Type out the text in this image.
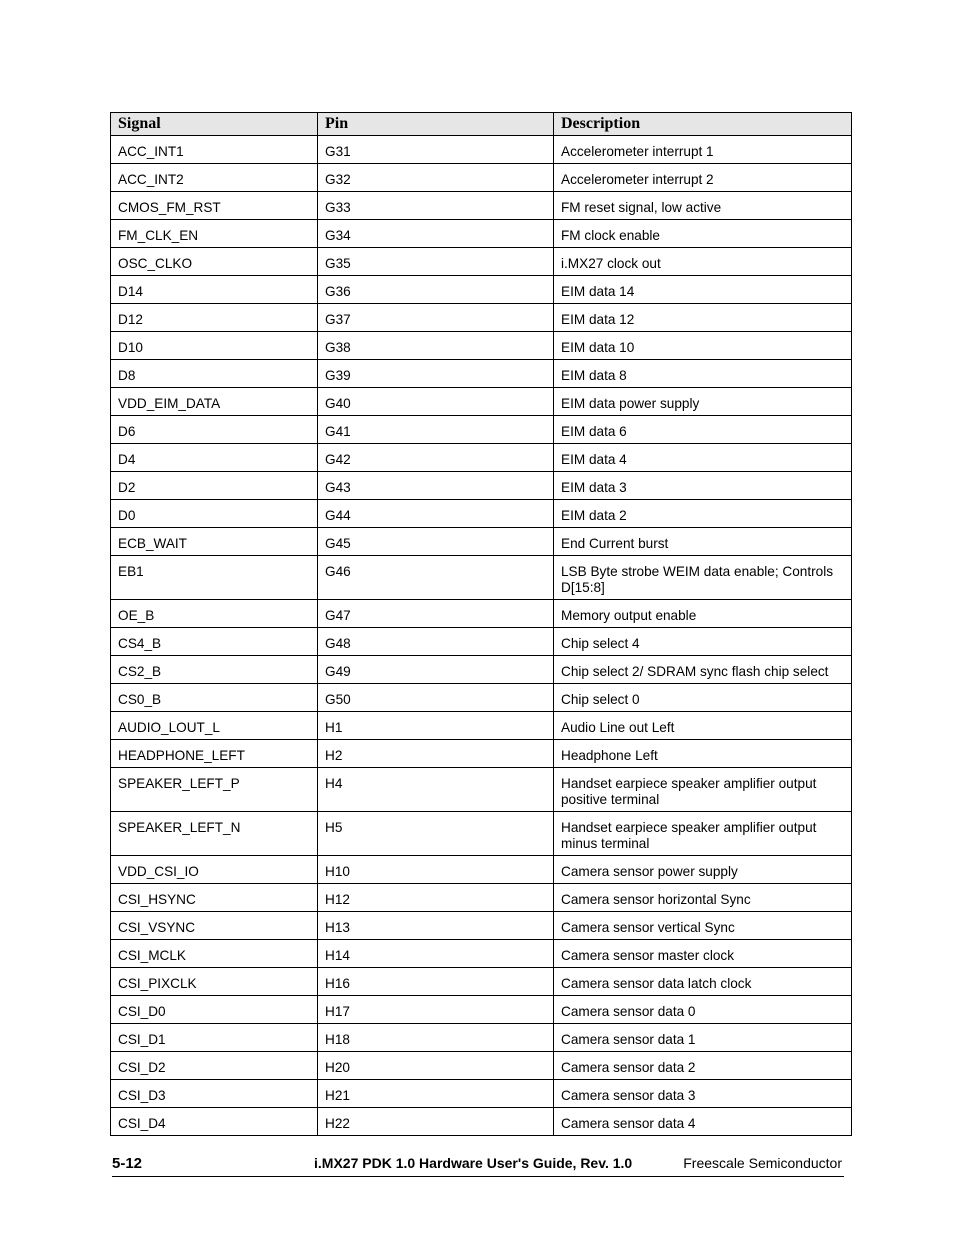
Signal	Pin	Description
ACC_INT1	G31	Accelerometer interrupt 1
ACC_INT2	G32	Accelerometer interrupt 2
CMOS_FM_RST	G33	FM reset signal, low active
FM_CLK_EN	G34	FM clock enable
OSC_CLKO	G35	i.MX27 clock out
D14	G36	EIM data 14
D12	G37	EIM data 12
D10	G38	EIM data 10
D8	G39	EIM data 8
VDD_EIM_DATA	G40	EIM data power supply
D6	G41	EIM data 6
D4	G42	EIM data 4
D2	G43	EIM data 3
D0	G44	EIM data 2
ECB_WAIT	G45	End Current burst
EB1	G46	LSB Byte strobe WEIM data enable; Controls D[15:8]
OE_B	G47	Memory output enable
CS4_B	G48	Chip select 4
CS2_B	G49	Chip select 2/ SDRAM sync flash chip select
CS0_B	G50	Chip select 0
AUDIO_LOUT_L	H1	Audio Line out Left
HEADPHONE_LEFT	H2	Headphone Left
SPEAKER_LEFT_P	H4	Handset earpiece speaker amplifier output positive terminal
SPEAKER_LEFT_N	H5	Handset earpiece speaker amplifier output minus terminal
VDD_CSI_IO	H10	Camera sensor power supply
CSI_HSYNC	H12	Camera sensor horizontal Sync
CSI_VSYNC	H13	Camera sensor vertical Sync
CSI_MCLK	H14	Camera sensor master clock
CSI_PIXCLK	H16	Camera sensor data latch clock
CSI_D0	H17	Camera sensor data 0
CSI_D1	H18	Camera sensor data 1
CSI_D2	H20	Camera sensor data 2
CSI_D3	H21	Camera sensor data 3
CSI_D4	H22	Camera sensor data 4
5-12	i.MX27 PDK 1.0 Hardware User's Guide, Rev. 1.0	Freescale Semiconductor
